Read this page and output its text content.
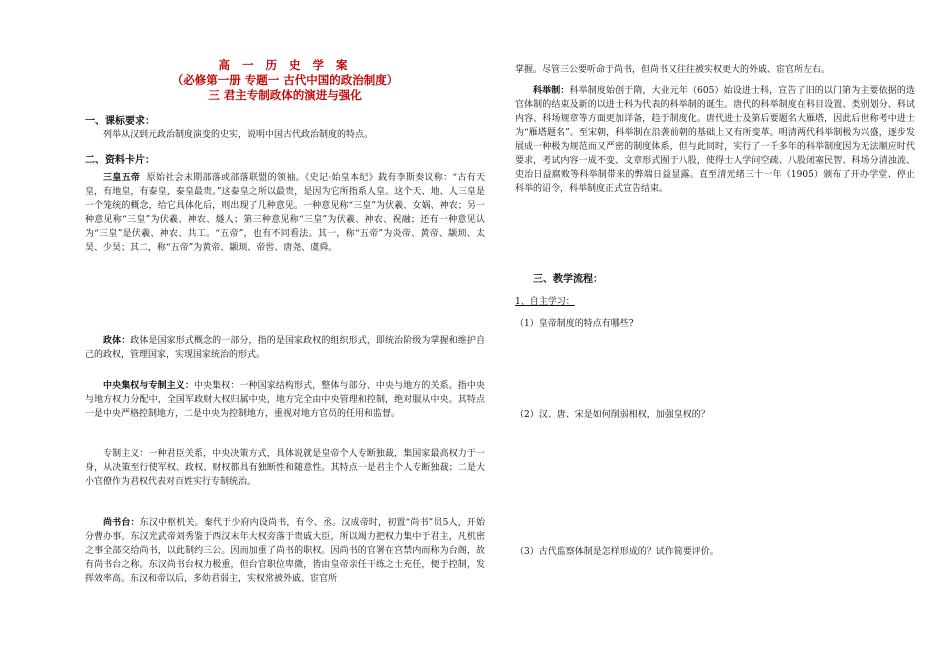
高 一 历 史 学 案
（必修第一册 专题一 古代中国的政治制度）
三 君主专制政体的演进与强化
一、课标要求：

列举从汉到元政治制度演变的史实，说明中国古代政治制度的特点。

二、资料卡片：

三皇五帝 原始社会末期部落或部落联盟的领袖。《史记·始皇本纪》载有李斯奏议称：“古有天皇，有地皇，有泰皇，泰皇最贵。”这泰皇之所以最贵，是因为它所指系人皇。这个天、地、人三皇是一个笼统的概念，给它具体化后，则出现了几种意见。一种意见称“三皇”为伏羲、女娲、神农；另一种意见称“三皇”为伏羲、神农、燧人；第三种意见称“三皇”为伏羲、神农、祝融；还有一种意见认为“三皇”是伏羲、神农、共工。“五帝”，也有不同看法。其一，称“五帝”为炎帝、黄帝、颛顼、太昊、少昊；其二，称“五帝”为黄帝、颛顼、帝喾、唐尧、虞舜。

政体：政体是国家形式概念的一部分，指的是国家政权的组织形式，即统治阶级为掌握和维护自己的政权，管理国家，实现国家统治的形式。

中央集权与专制主义：中央集权：一种国家结构形式，整体与部分、中央与地方的关系。指中央与地方权力分配中，全国军政财大权归属中央，地方完全由中央管理和控制，绝对服从中央。其特点一是中央严格控制地方，二是中央为控制地方，重视对地方官员的任用和监督。

专制主义：一种君臣关系，中央决策方式，具体说就是皇帝个人专断独裁，集国家最高权力于一身，从决策至行使军权、政权、财权都具有独断性和随意性。其特点一是君主个人专断独裁；二是大小官僚作为君权代表对百姓实行专制统治。

尚书台：东汉中枢机关。秦代于少府内设尚书，有令、丞。汉成帝时，初置“尚书”员5人，开始分曹办事。东汉光武帝刘秀鉴于西汉末年大权旁落于贵戚大臣，所以竭力把权力集中于君主，凡机密之事全部交给尚书，以此制约三公。因而加重了尚书的职权。因尚书的官署在宫禁内而称为台阁，故有尚书台之称。东汉尚书台权力极重，但台官职位卑微，皆由皇帝亲任干练之士充任，便于控制，发挥效率高。东汉和帝以后，多幼君弱主，实权常被外戚、宦官所

掌握。尽管三公要听命于尚书，但尚书又往往被实权更大的外戚、宦官所左右。

科举制：科举制度始创于隋，大业元年（605）始设进士科，宣告了旧的以门第为主要依据的选官体制的结束及新的以进士科为代表的科举制的诞生。唐代的科举制度在科目设置、类别划分、科试内容、科场规章等方面更加详备，趋于制度化。唐代进士及第后要题名大雁塔，因此后世称考中进士为“雁塔题名”。至宋朝，科举制在沿袭前朝的基础上又有所变革。明清两代科举制极为兴盛，逐步发展成一种极为规范而又严密的制度体系，但与此同时，实行了一千多年的科举制度因为无法顺应时代要求，考试内容一成不变、文章形式囿于八股，使得士人学问空疏、八股闭塞民智、科场分清浊流、吏治日益腐败等科举制带来的弊端日益显露。直至清光绪三十一年（1905）颁布了开办学堂、停止科举的诏令，科举制度正式宣告结束。

三、教学流程：
1、自主学习：
（1）皇帝制度的特点有哪些?
（2）汉、唐、宋是如何削弱相权，加强皇权的？
（3）古代监察体制是怎样形成的？试作简要评价。
